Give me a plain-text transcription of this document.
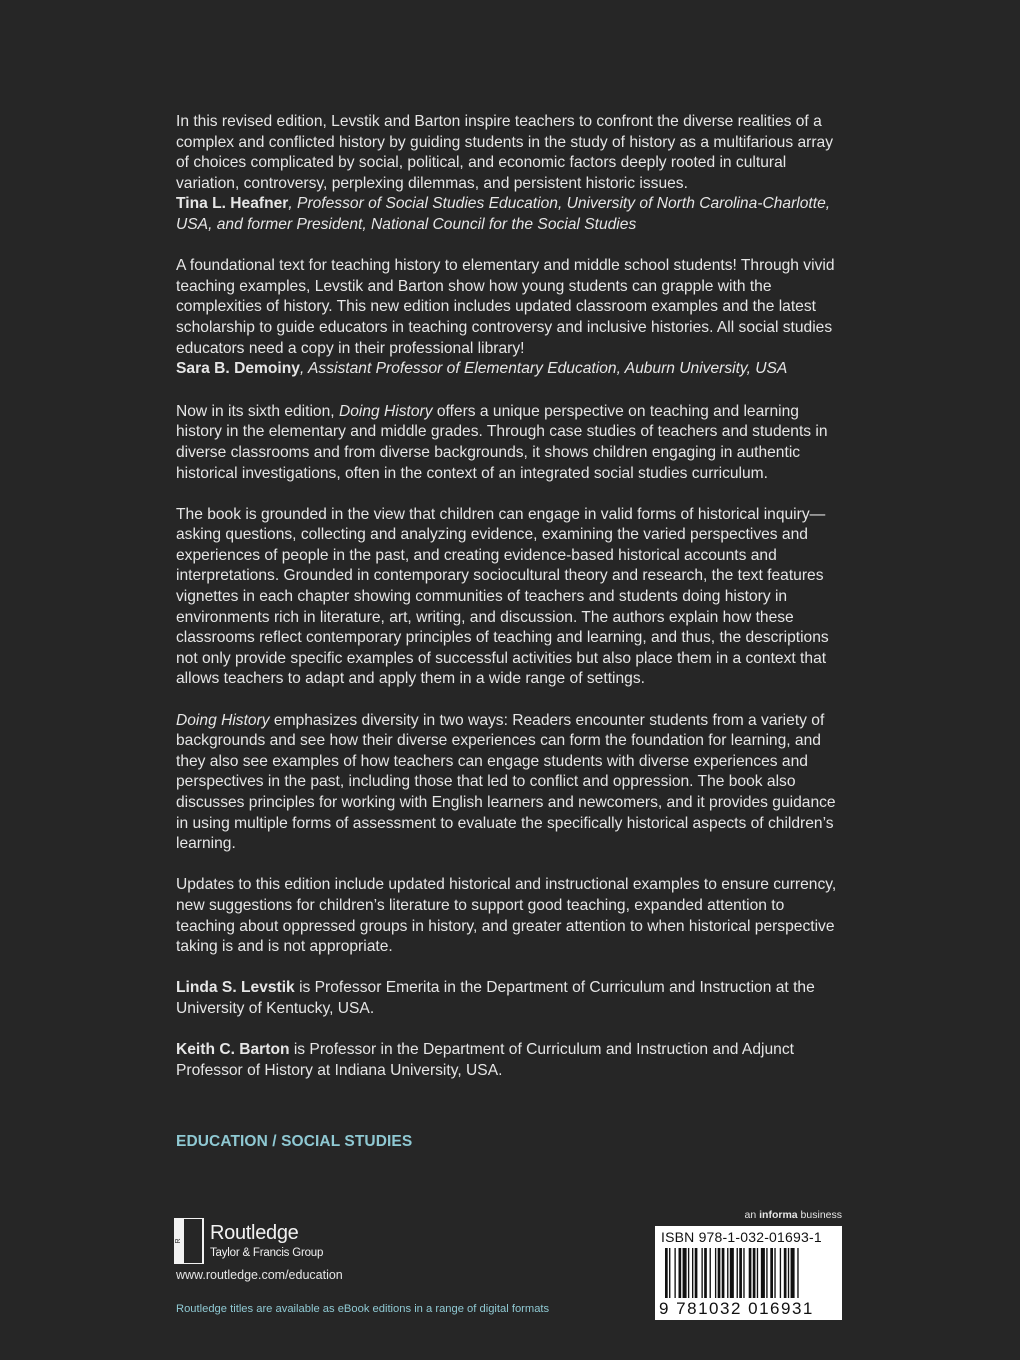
In this revised edition, Levstik and Barton inspire teachers to confront the diverse realities of a complex and conflicted history by guiding students in the study of history as a multifarious array of choices complicated by social, political, and economic factors deeply rooted in cultural variation, controversy, perplexing dilemmas, and persistent historic issues.
Tina L. Heafner, Professor of Social Studies Education, University of North Carolina-Charlotte, USA, and former President, National Council for the Social Studies

A foundational text for teaching history to elementary and middle school students! Through vivid teaching examples, Levstik and Barton show how young students can grapple with the complexities of history. This new edition includes updated classroom examples and the latest scholarship to guide educators in teaching controversy and inclusive histories. All social studies educators need a copy in their professional library!
Sara B. Demoiny, Assistant Professor of Elementary Education, Auburn University, USA

Now in its sixth edition, Doing History offers a unique perspective on teaching and learning history in the elementary and middle grades. Through case studies of teachers and students in diverse classrooms and from diverse backgrounds, it shows children engaging in authentic historical investigations, often in the context of an integrated social studies curriculum.

The book is grounded in the view that children can engage in valid forms of historical inquiry—asking questions, collecting and analyzing evidence, examining the varied perspectives and experiences of people in the past, and creating evidence-based historical accounts and interpretations. Grounded in contemporary sociocultural theory and research, the text features vignettes in each chapter showing communities of teachers and students doing history in environments rich in literature, art, writing, and discussion. The authors explain how these classrooms reflect contemporary principles of teaching and learning, and thus, the descriptions not only provide specific examples of successful activities but also place them in a context that allows teachers to adapt and apply them in a wide range of settings.

Doing History emphasizes diversity in two ways: Readers encounter students from a variety of backgrounds and see how their diverse experiences can form the foundation for learning, and they also see examples of how teachers can engage students with diverse experiences and perspectives in the past, including those that led to conflict and oppression. The book also discusses principles for working with English learners and newcomers, and it provides guidance in using multiple forms of assessment to evaluate the specifically historical aspects of children’s learning.

Updates to this edition include updated historical and instructional examples to ensure currency, new suggestions for children’s literature to support good teaching, expanded attention to teaching about oppressed groups in history, and greater attention to when historical perspective taking is and is not appropriate.

Linda S. Levstik is Professor Emerita in the Department of Curriculum and Instruction at the University of Kentucky, USA.

Keith C. Barton is Professor in the Department of Curriculum and Instruction and Adjunct Professor of History at Indiana University, USA.

EDUCATION / SOCIAL STUDIES
R Routledge
Taylor & Francis Group
www.routledge.com/education
Routledge titles are available as eBook editions in a range of digital formats
an informa business
ISBN 978-1-032-01693-1
9 781032 016931
